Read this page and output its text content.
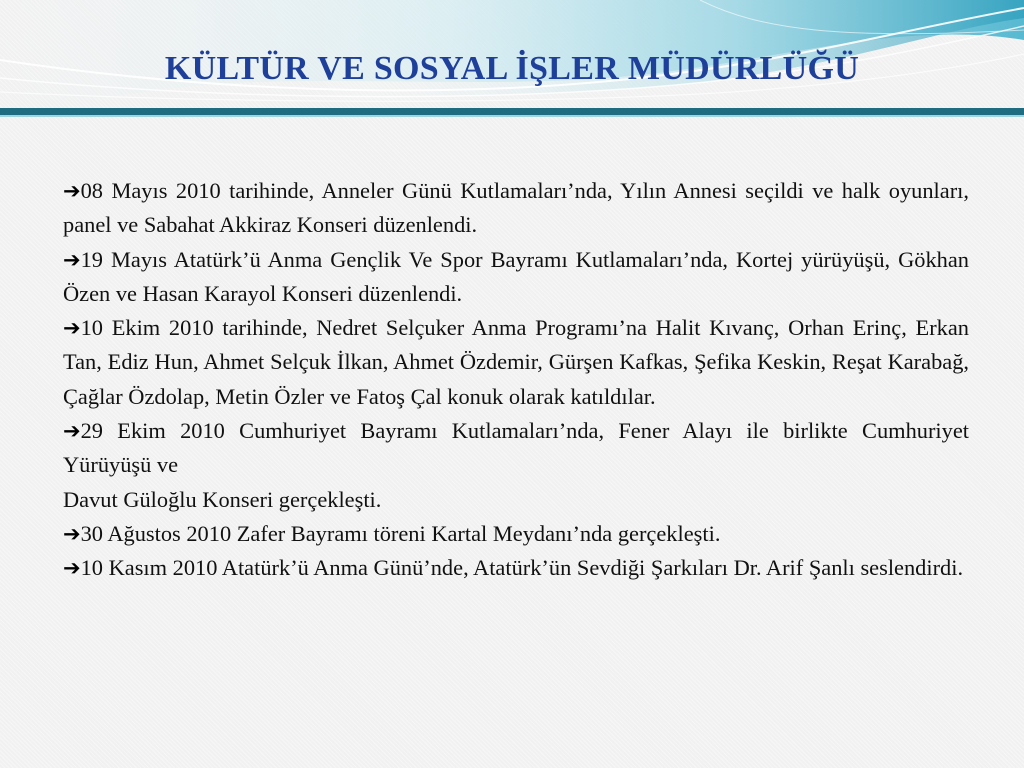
KÜLTÜR VE SOSYAL İŞLER MÜDÜRLÜĞÜ

➔08 Mayıs 2010 tarihinde, Anneler Günü Kutlamaları’nda, Yılın Annesi seçildi ve halk oyunları, panel ve Sabahat Akkiraz Konseri düzenlendi.

➔19 Mayıs Atatürk’ü Anma Gençlik Ve Spor Bayramı Kutlamaları’nda, Kortej yürüyüşü, Gökhan Özen ve Hasan Karayol Konseri düzenlendi.

➔10 Ekim 2010 tarihinde, Nedret Selçuker Anma Programı’na Halit Kıvanç, Orhan Erinç, Erkan Tan, Ediz Hun, Ahmet Selçuk İlkan, Ahmet Özdemir, Gürşen Kafkas, Şefika Keskin, Reşat Karabağ, Çağlar Özdolap, Metin Özler ve Fatoş Çal konuk olarak katıldılar.

➔29 Ekim 2010 Cumhuriyet Bayramı Kutlamaları’nda, Fener Alayı ile birlikte Cumhuriyet Yürüyüşü ve
Davut Güloğlu Konseri gerçekleşti.

➔30 Ağustos 2010 Zafer Bayramı töreni Kartal Meydanı’nda gerçekleşti.

➔10 Kasım 2010 Atatürk’ü Anma Günü’nde, Atatürk’ün Sevdiği Şarkıları Dr. Arif Şanlı seslendirdi.
